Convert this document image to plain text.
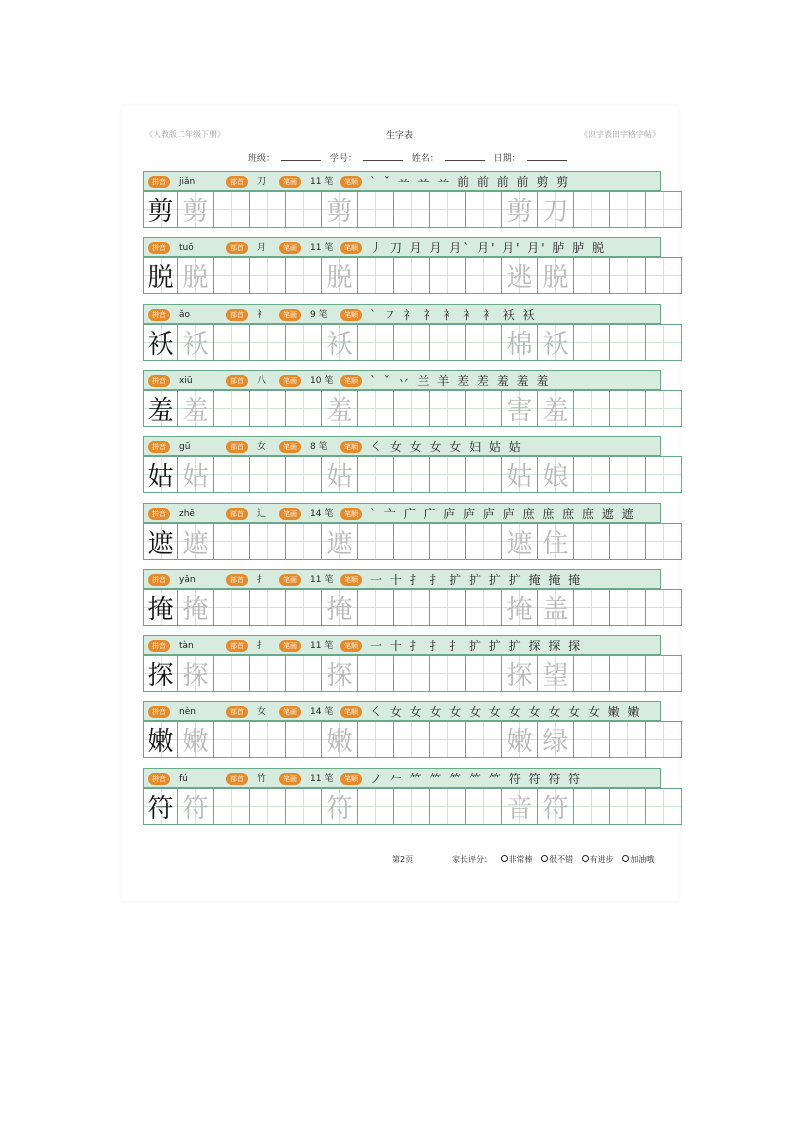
《人教版二年级下册》	生字表	《识字表田字格字帖》
班级：	学号：	姓名：	日期：
拼音	jiǎn	部首	刀	笔画	11 笔	笔顺	` ˇ 䒑 䒑 䒑 前 前 前 前 剪 剪
剪 剪	剪	剪 刀
拼音	tuō	部首	月	笔画	11 笔	笔顺	丿 刀 月 月 月` 月' 月' 月' 胪 胪 脱
脱 脱	脱	逃 脱
拼音	ǎo	部首	衤	笔画	9 笔	笔顺	` ㇇ 礻 礻 衤 衤 衤 袄 袄
袄 袄	袄	棉 袄
拼音	xiū	部首	八	笔画	10 笔	笔顺	` ˇ 丷 兰 羊 差 差 羞 羞 羞
羞 羞	羞	害 羞
拼音	gū	部首	女	笔画	8 笔	笔顺	㇛ 女 女 女 女 妇 姑 姑
姑 姑	姑	姑 娘
拼音	zhē	部首	辶	笔画	14 笔	笔顺	` 亠 广 广 庐 庐 庐 庐 庶 庶 庶 庶 遮 遮
遮 遮	遮	遮 住
拼音	yǎn	部首	扌	笔画	11 笔	笔顺	一 十 扌 扌 扩 扩 扩 扩 掩 掩 掩
掩 掩	掩	掩 盖
拼音	tàn	部首	扌	笔画	11 笔	笔顺	一 十 扌 扌 扌 扩 扩 扩 探 探 探
探 探	探	探 望
拼音	nèn	部首	女	笔画	14 笔	笔顺	㇛ 女 女 女 女 女 女 女 女 女 女 女 嫩 嫩
嫩 嫩	嫩	嫩 绿
拼音	fú	部首	竹	笔画	11 笔	笔顺	ノ 𠂉 ⺮ ⺮ ⺮ ⺮ ⺮ 符 符 符 符
符 符	符	音 符
第2页	家长评分： 非常棒 很不错 有进步 加油哦
